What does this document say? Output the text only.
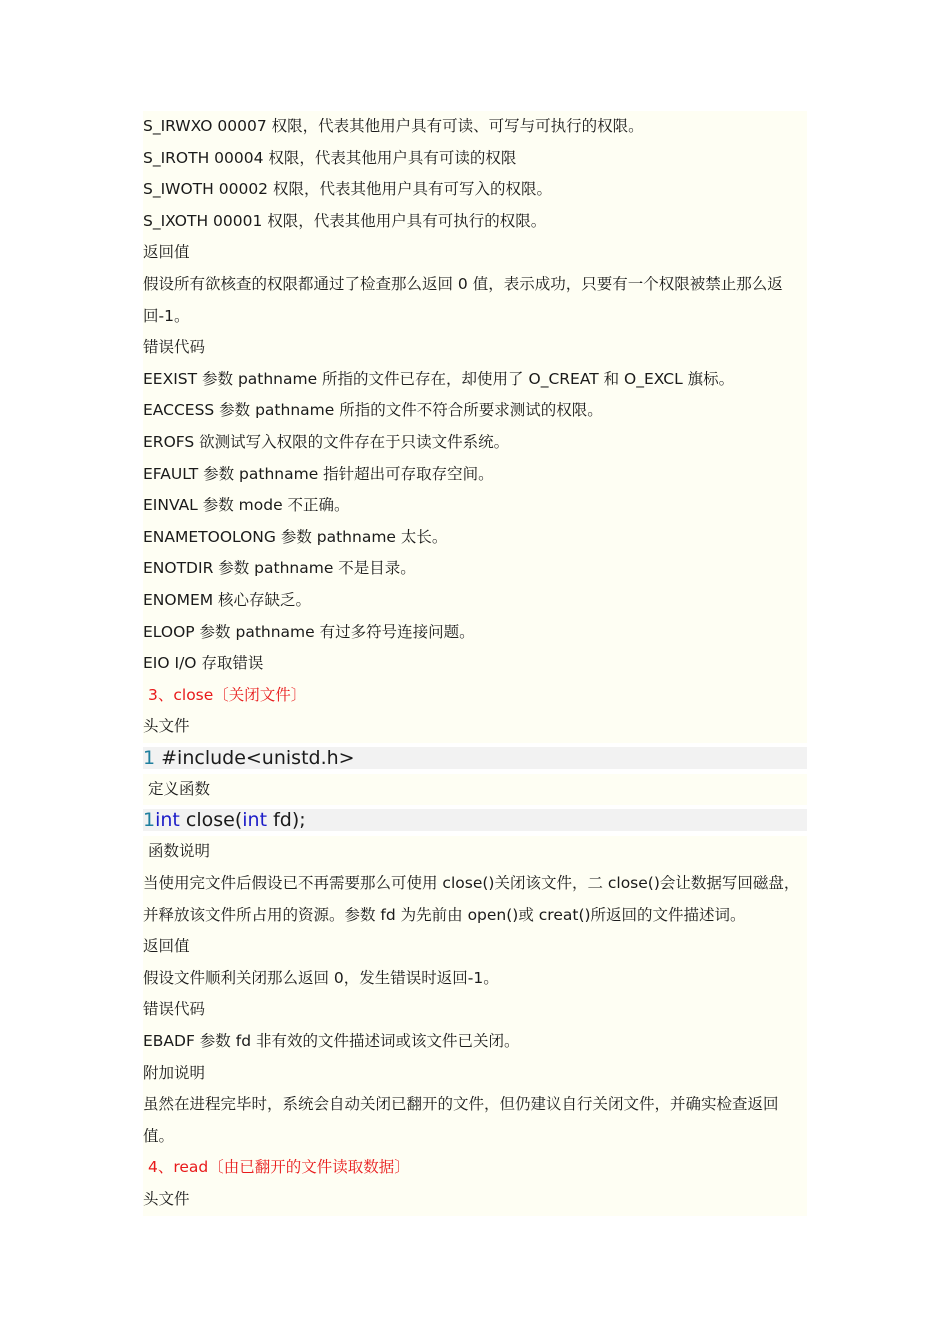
S_IRWXO 00007 权限，代表其他用户具有可读、可写与可执行的权限。
S_IROTH 00004 权限，代表其他用户具有可读的权限
S_IWOTH 00002 权限，代表其他用户具有可写入的权限。
S_IXOTH 00001 权限，代表其他用户具有可执行的权限。
返回值
假设所有欲核查的权限都通过了检查那么返回 0 值，表示成功，只要有一个权限被禁止那么返
回-1。
错误代码
EEXIST 参数 pathname 所指的文件已存在，却使用了 O_CREAT 和 O_EXCL 旗标。
EACCESS 参数 pathname 所指的文件不符合所要求测试的权限。
EROFS 欲测试写入权限的文件存在于只读文件系统。
EFAULT 参数 pathname 指针超出可存取存空间。
EINVAL 参数 mode 不正确。
ENAMETOOLONG 参数 pathname 太长。
ENOTDIR 参数 pathname 不是目录。
ENOMEM 核心存缺乏。
ELOOP 参数 pathname 有过多符号连接问题。
EIO I/O 存取错误
3、close〔关闭文件〕
头文件
1 #include<unistd.h>
定义函数
1int close(int fd);
函数说明
当使用完文件后假设已不再需要那么可使用 close()关闭该文件，二 close()会让数据写回磁盘，
并释放该文件所占用的资源。参数 fd 为先前由 open()或 creat()所返回的文件描述词。
返回值
假设文件顺利关闭那么返回 0，发生错误时返回-1。
错误代码
EBADF 参数 fd 非有效的文件描述词或该文件已关闭。
附加说明
虽然在进程完毕时，系统会自动关闭已翻开的文件，但仍建议自行关闭文件，并确实检查返回
值。
4、read〔由已翻开的文件读取数据〕
头文件
